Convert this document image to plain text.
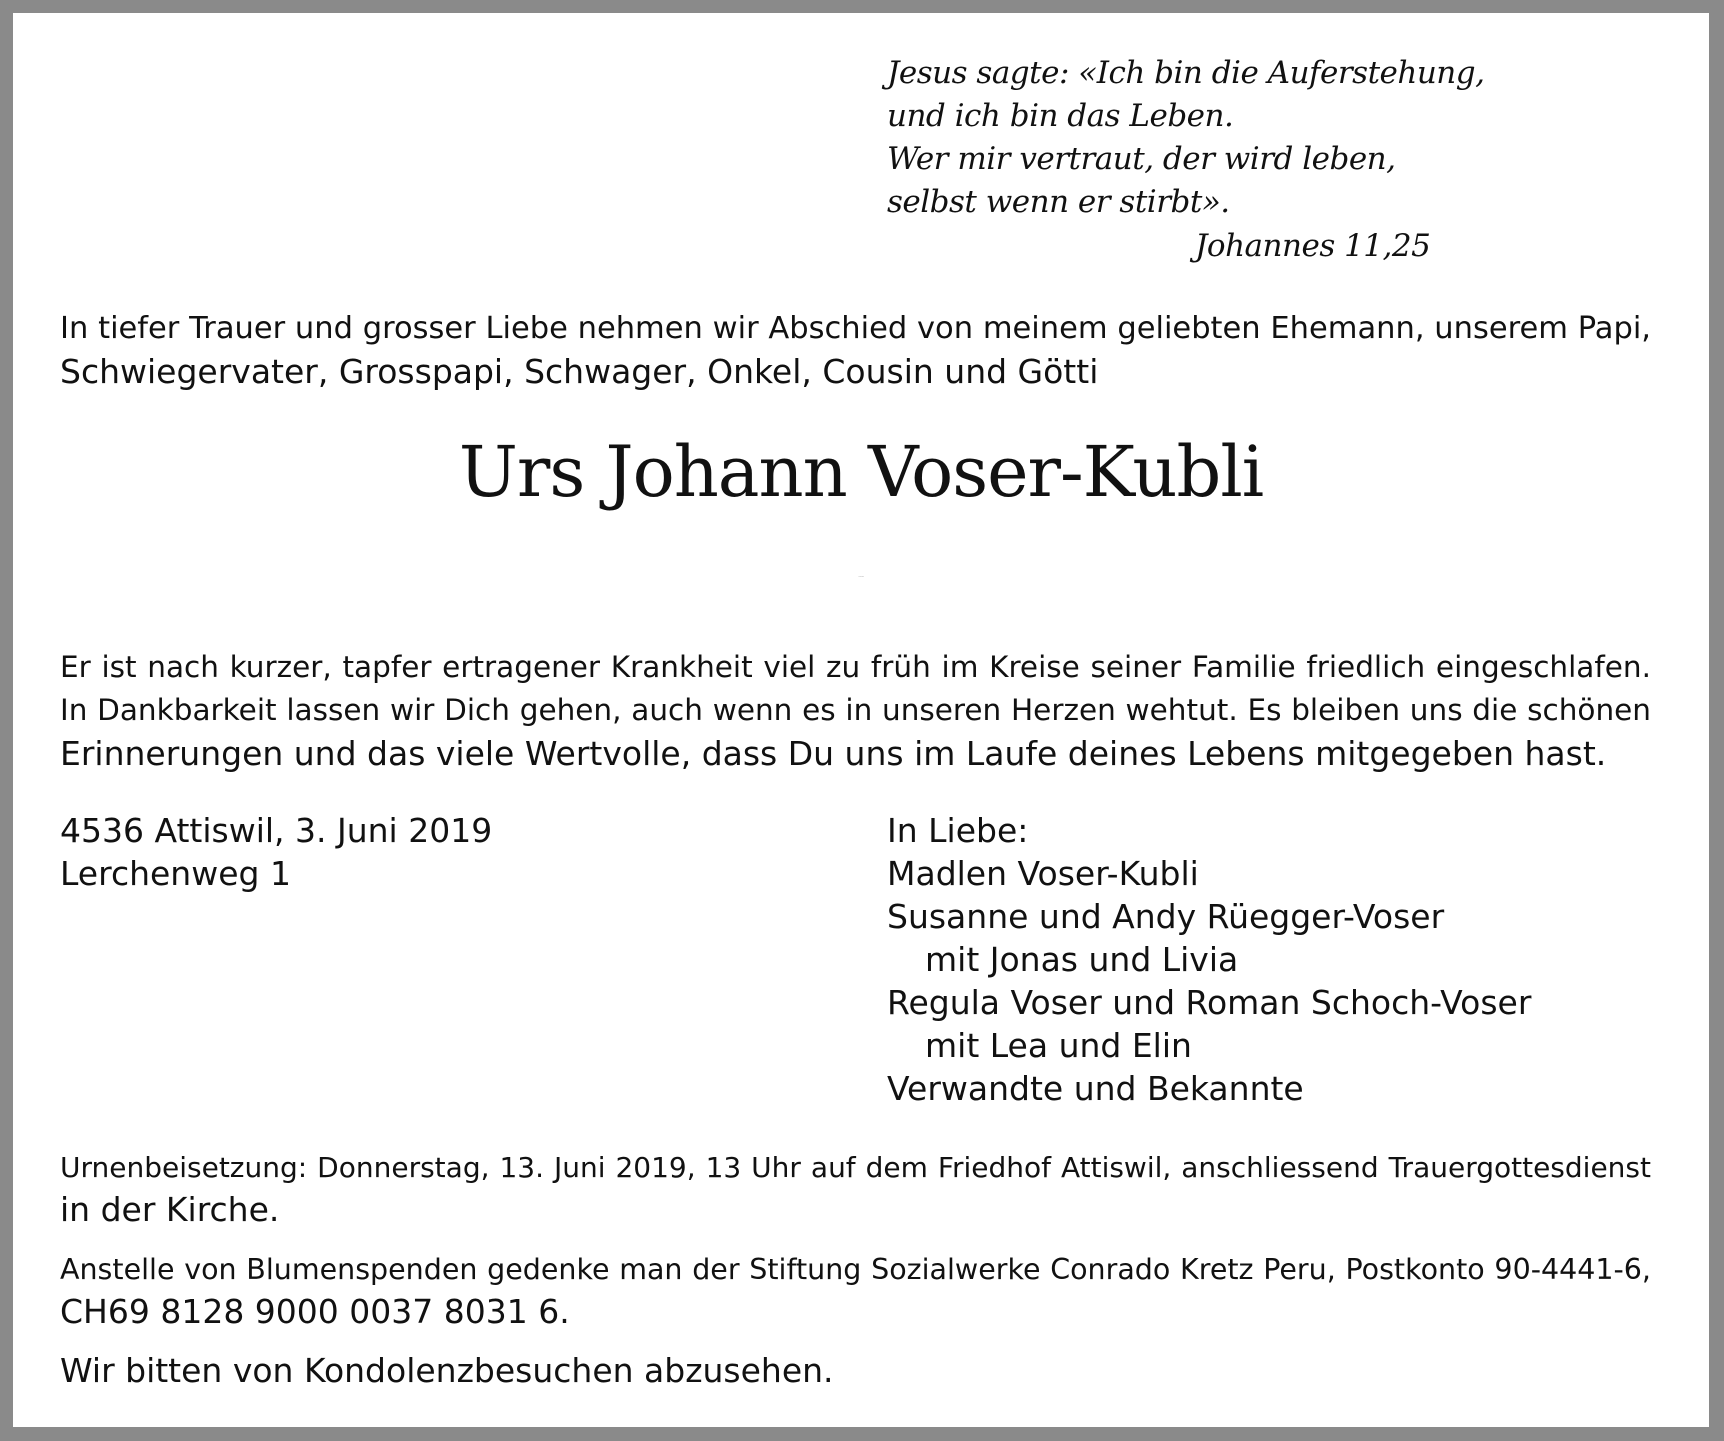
Jesus sagte: «Ich bin die Auferstehung,
und ich bin das Leben.
Wer mir vertraut, der wird leben,
selbst wenn er stirbt».
Johannes 11,25
In tiefer Trauer und grosser Liebe nehmen wir Abschied von meinem geliebten Ehemann, unserem Papi,
Schwiegervater, Grosspapi, Schwager, Onkel, Cousin und Götti
Urs Johann Voser-Kubli
4. Juli 1942
Er ist nach kurzer, tapfer ertragener Krankheit viel zu früh im Kreise seiner Familie friedlich eingeschlafen.
In Dankbarkeit lassen wir Dich gehen, auch wenn es in unseren Herzen wehtut. Es bleiben uns die schönen
Erinnerungen und das viele Wertvolle, dass Du uns im Laufe deines Lebens mitgegeben hast.
4536 Attiswil, 3. Juni 2019
Lerchenweg 1
In Liebe:
Madlen Voser-Kubli
Susanne und Andy Rüegger-Voser
mit Jonas und Livia
Regula Voser und Roman Schoch-Voser
mit Lea und Elin
Verwandte und Bekannte
Urnenbeisetzung: Donnerstag, 13. Juni 2019, 13 Uhr auf dem Friedhof Attiswil, anschliessend Trauergottesdienst
in der Kirche.
Anstelle von Blumenspenden gedenke man der Stiftung Sozialwerke Conrado Kretz Peru, Postkonto 90-4441-6,
CH69 8128 9000 0037 8031 6.
Wir bitten von Kondolenzbesuchen abzusehen.
